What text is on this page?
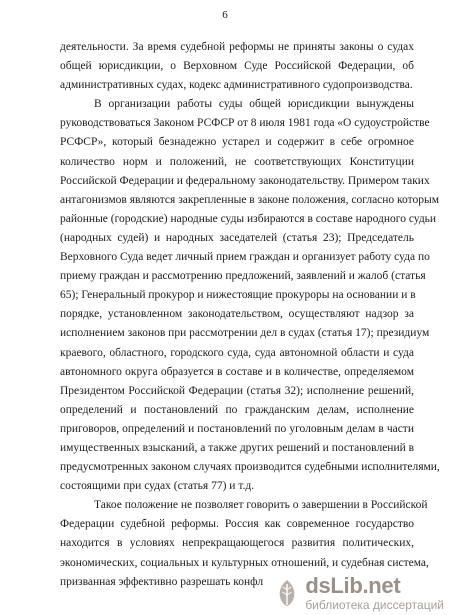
6
деятельности. За время судебной реформы не приняты законы о судах
общей юрисдикции, о Верховном Суде Российской Федерации, об
административных судах, кодекс административного судопроизводства.
В организации работы суды общей юрисдикции вынуждены
руководствоваться Законом РСФСР от 8 июля 1981 года «О судоустройстве
РСФСР», который безнадежно устарел и содержит в себе огромное
количество норм и положений, не соответствующих Конституции
Российской Федерации и федеральному законодательству. Примером таких
антагонизмов являются закрепленные в законе положения, согласно которым
районные (городские) народные суды избираются в составе народного судьи
(народных судей) и народных заседателей (статья 23); Председатель
Верховного Суда ведет личный прием граждан и организует работу суда по
приему граждан и рассмотрению предложений, заявлений и жалоб (статья
65); Генеральный прокурор и нижестоящие прокуроры на основании и в
порядке, установленном законодательством, осуществляют надзор за
исполнением законов при рассмотрении дел в судах (статья 17); президиум
краевого, областного, городского суда, суда автономной области и суда
автономного округа образуется в составе и в количестве, определяемом
Президентом Российской Федерации (статья 32); исполнение решений,
определений и постановлений по гражданским делам, исполнение
приговоров, определений и постановлений по уголовным делам в части
имущественных взысканий, а также других решений и постановлений в
предусмотренных законом случаях производится судебными исполнителями,
состоящими при судах (статья 77) и т.д.
Такое положение не позволяет говорить о завершении в Российской
Федерации судебной реформы. Россия как современное государство
находится в условиях непрекращающегося развития политических,
экономических, социальных и культурных отношений, и судебная система,
призванная эффективно разрешать конфл	dsLib.net
библиотека диссертаций
